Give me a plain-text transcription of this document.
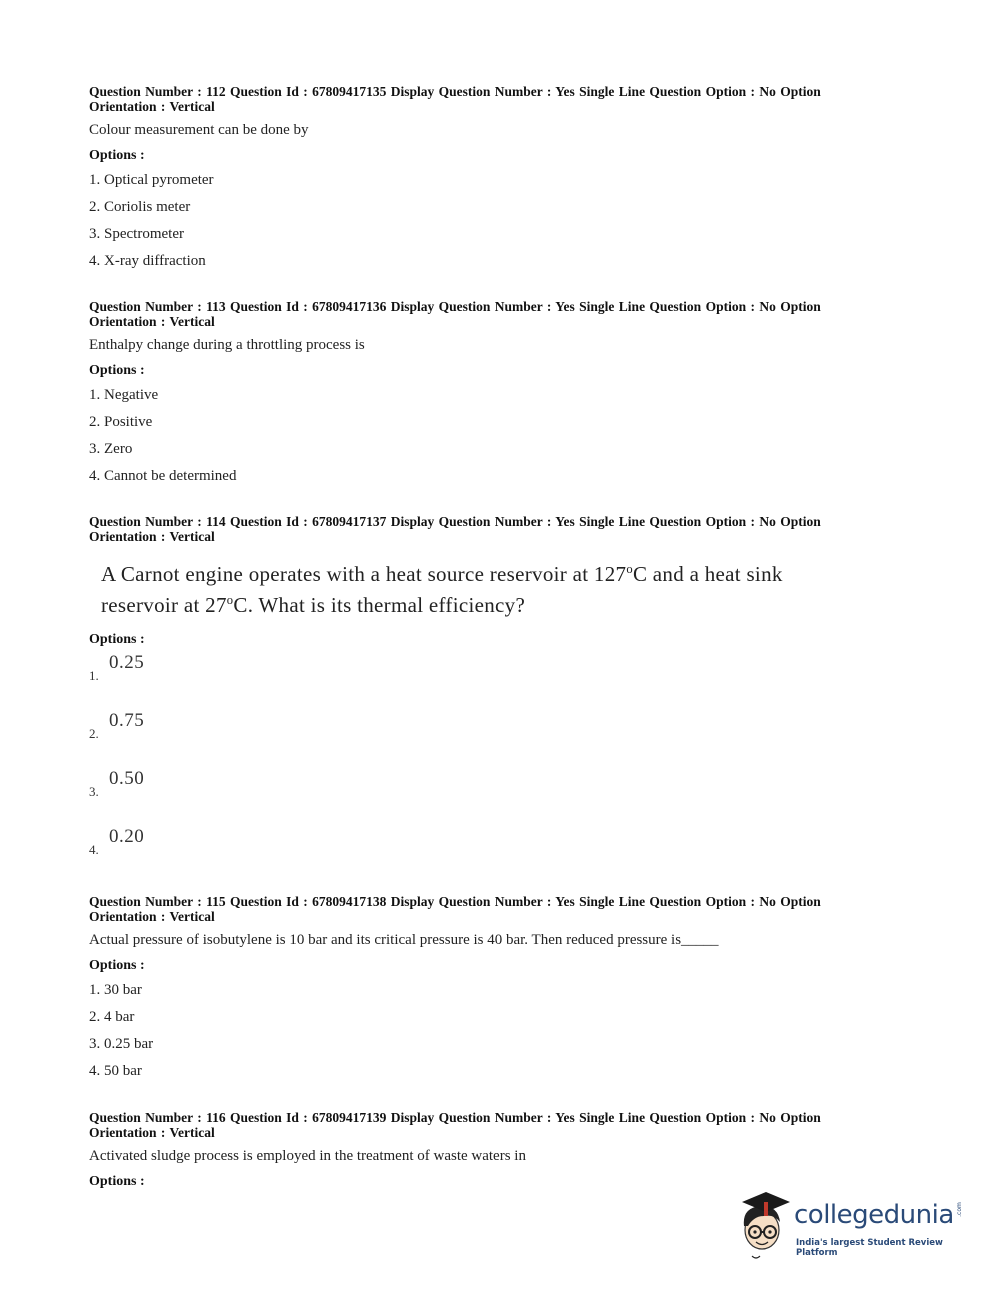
Question Number : 112 Question Id : 67809417135 Display Question Number : Yes Single Line Question Option : No Option
Orientation : Vertical
Colour measurement can be done by
Options :
1. Optical pyrometer
2. Coriolis meter
3. Spectrometer
4. X-ray diffraction
Question Number : 113 Question Id : 67809417136 Display Question Number : Yes Single Line Question Option : No Option
Orientation : Vertical
Enthalpy change during a throttling process is
Options :
1. Negative
2. Positive
3. Zero
4. Cannot be determined
Question Number : 114 Question Id : 67809417137 Display Question Number : Yes Single Line Question Option : No Option
Orientation : Vertical
A Carnot engine operates with a heat source reservoir at 127$^o$C and a heat sink
reservoir at 27$^o$C. What is its thermal efficiency?
Options :
1.
0.25
2.
0.75
3.
0.50
4.
0.20
Question Number : 115 Question Id : 67809417138 Display Question Number : Yes Single Line Question Option : No Option
Orientation : Vertical
Actual pressure of isobutylene is 10 bar and its critical pressure is 40 bar. Then reduced pressure is_____
Options :
1. 30 bar
2. 4 bar
3. 0.25 bar
4. 50 bar
Question Number : 116 Question Id : 67809417139 Display Question Number : Yes Single Line Question Option : No Option
Orientation : Vertical
Activated sludge process is employed in the treatment of waste waters in
Options :
collegedunia .com
India's largest Student Review Platform
